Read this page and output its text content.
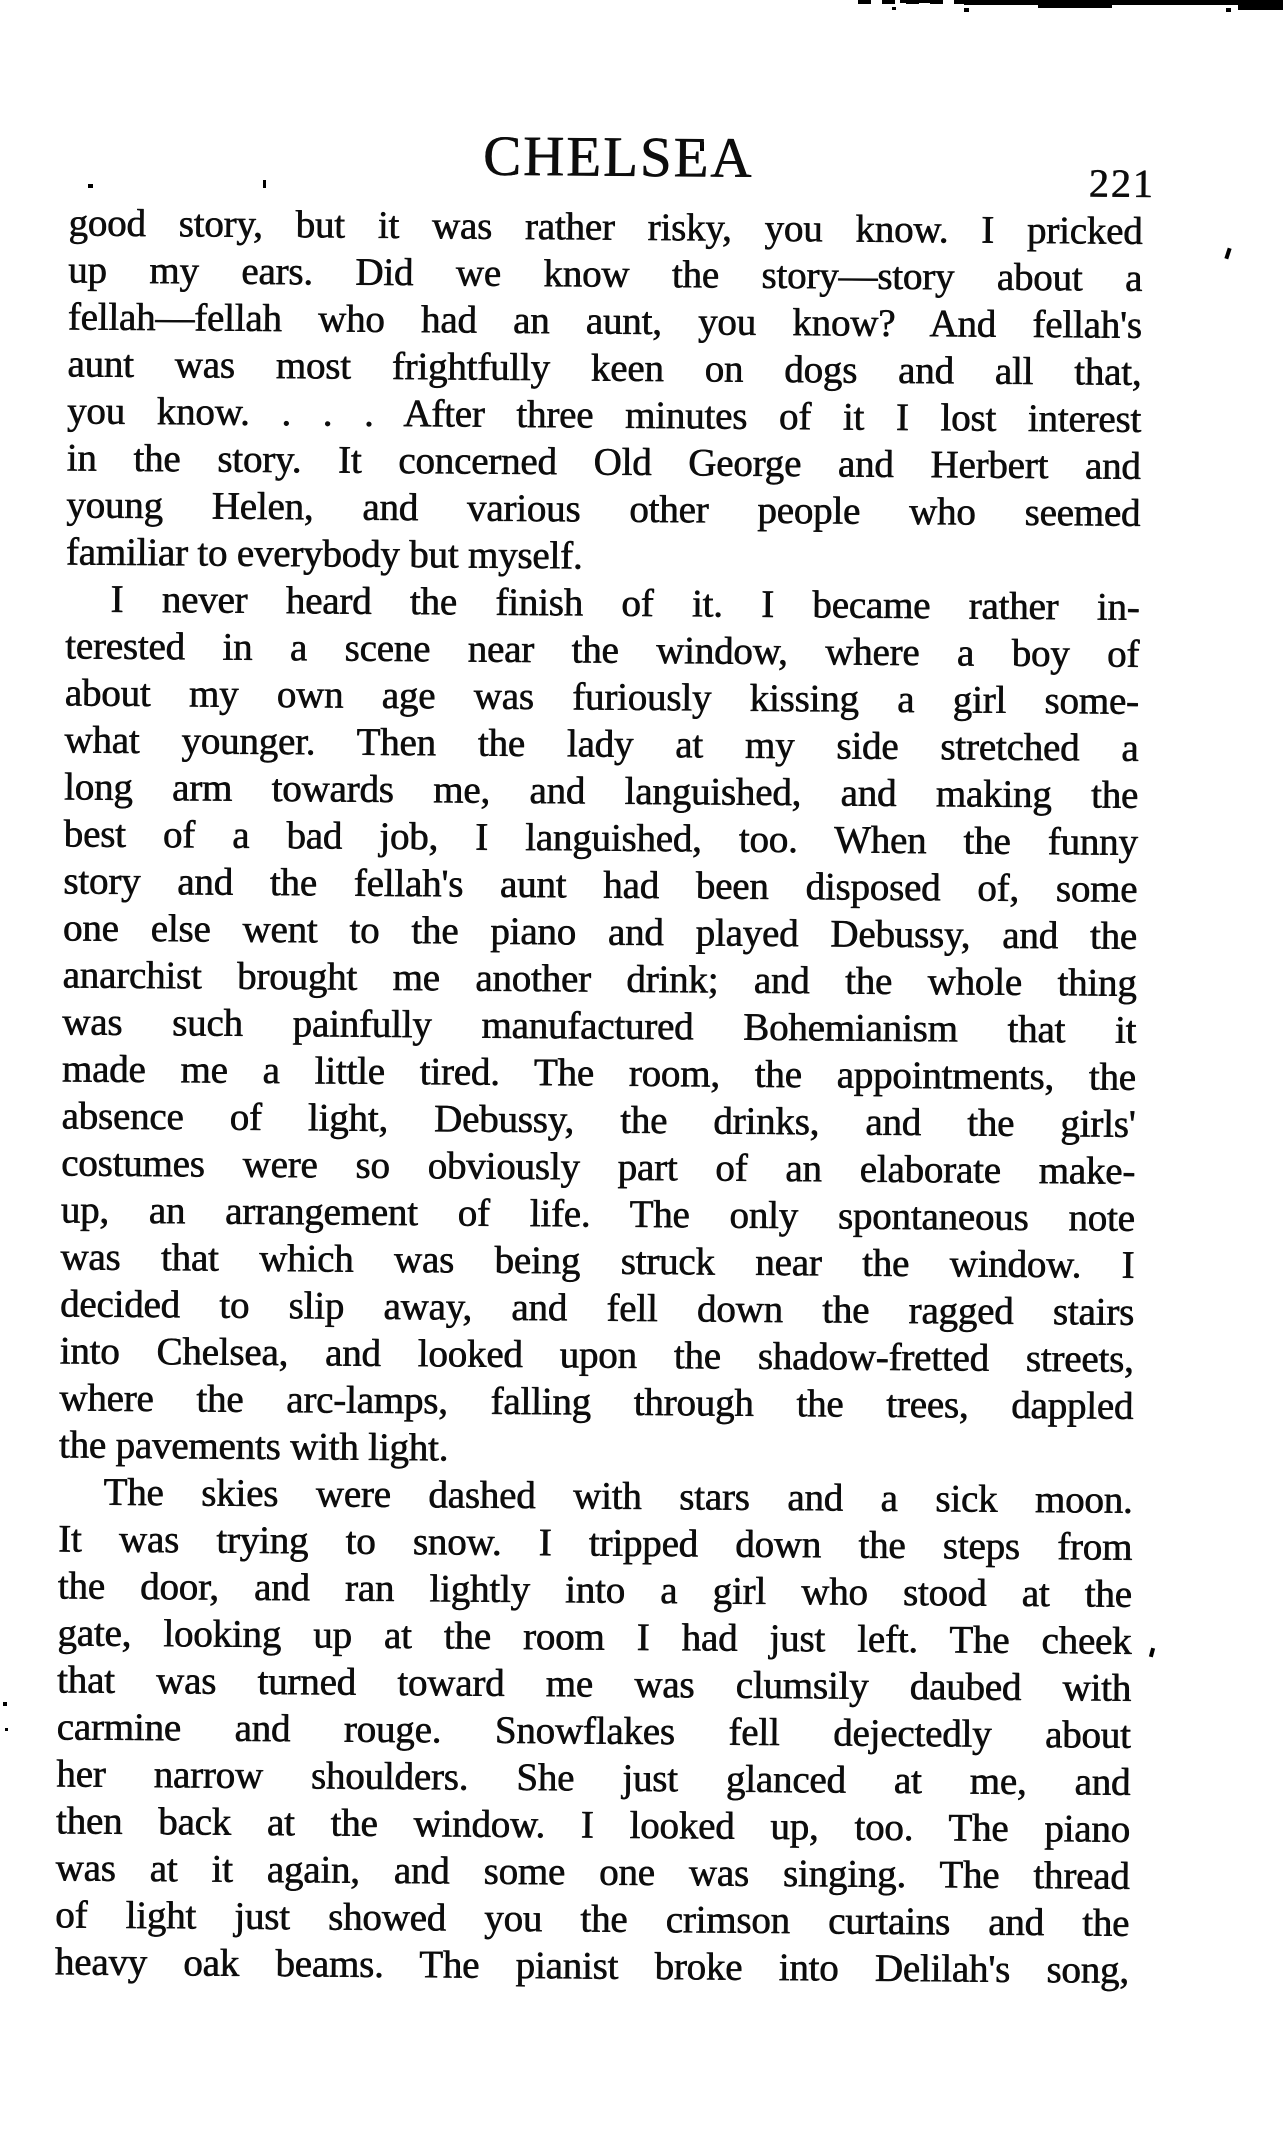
CHELSEA	221
good story, but it was rather risky, you know. I pricked
up my ears. Did we know the story—story about a
fellah—fellah who had an aunt, you know? And fellah's
aunt was most frightfully keen on dogs and all that,
you know. . . . After three minutes of it I lost interest
in the story. It concerned Old George and Herbert and
young Helen, and various other people who seemed
familiar to everybody but myself.
I never heard the finish of it. I became rather in-
terested in a scene near the window, where a boy of
about my own age was furiously kissing a girl some-
what younger. Then the lady at my side stretched a
long arm towards me, and languished, and making the
best of a bad job, I languished, too. When the funny
story and the fellah's aunt had been disposed of, some
one else went to the piano and played Debussy, and the
anarchist brought me another drink; and the whole thing
was such painfully manufactured Bohemianism that it
made me a little tired. The room, the appointments, the
absence of light, Debussy, the drinks, and the girls'
costumes were so obviously part of an elaborate make-
up, an arrangement of life. The only spontaneous note
was that which was being struck near the window. I
decided to slip away, and fell down the ragged stairs
into Chelsea, and looked upon the shadow-fretted streets,
where the arc-lamps, falling through the trees, dappled
the pavements with light.
The skies were dashed with stars and a sick moon.
It was trying to snow. I tripped down the steps from
the door, and ran lightly into a girl who stood at the
gate, looking up at the room I had just left. The cheek
that was turned toward me was clumsily daubed with
carmine and rouge. Snowflakes fell dejectedly about
her narrow shoulders. She just glanced at me, and
then back at the window. I looked up, too. The piano
was at it again, and some one was singing. The thread
of light just showed you the crimson curtains and the
heavy oak beams. The pianist broke into Delilah's song,
